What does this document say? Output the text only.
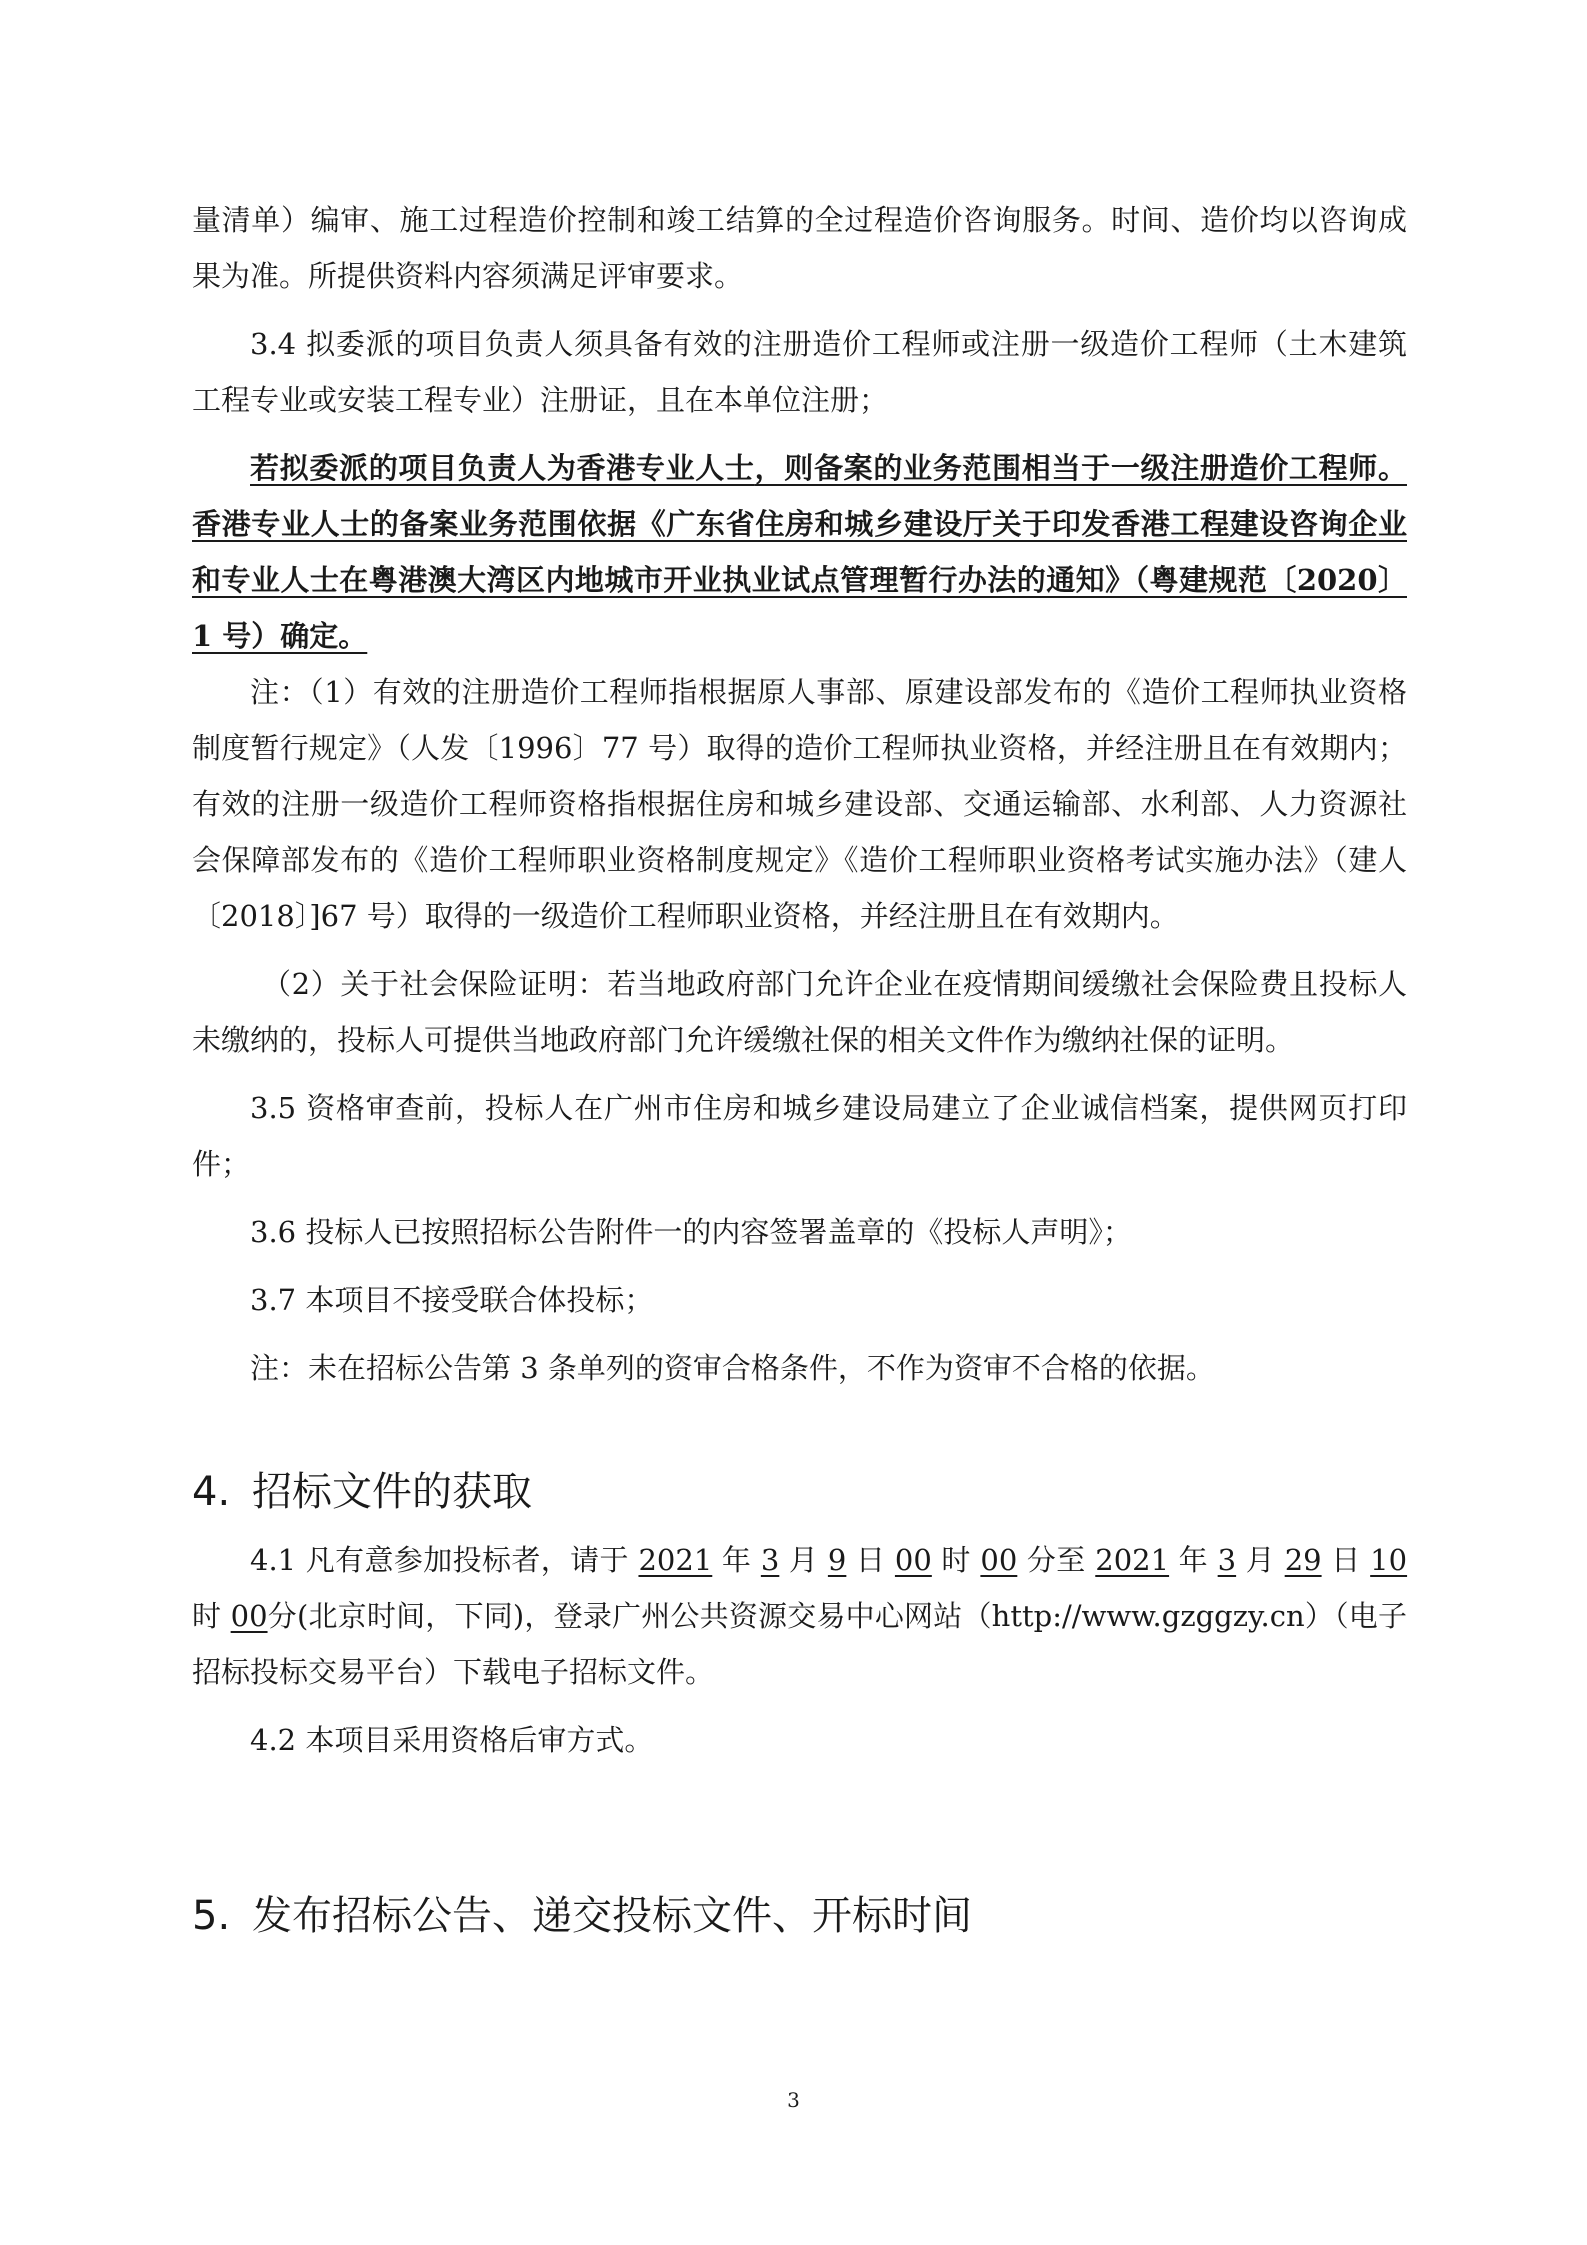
量清单）编审、施工过程造价控制和竣工结算的全过程造价咨询服务。时间、造价均以咨询成果为准。所提供资料内容须满足评审要求。

3.4 拟委派的项目负责人须具备有效的注册造价工程师或注册一级造价工程师（土木建筑工程专业或安装工程专业）注册证，且在本单位注册；

若拟委派的项目负责人为香港专业人士，则备案的业务范围相当于一级注册造价工程师。香港专业人士的备案业务范围依据《广东省住房和城乡建设厅关于印发香港工程建设咨询企业和专业人士在粤港澳大湾区内地城市开业执业试点管理暂行办法的通知》（粤建规范〔2020〕1 号）确定。

注：（1）有效的注册造价工程师指根据原人事部、原建设部发布的《造价工程师执业资格制度暂行规定》（人发〔1996〕77 号）取得的造价工程师执业资格，并经注册且在有效期内；有效的注册一级造价工程师资格指根据住房和城乡建设部、交通运输部、水利部、人力资源社会保障部发布的《造价工程师职业资格制度规定》《造价工程师职业资格考试实施办法》（建人〔2018〕]67 号）取得的一级造价工程师职业资格，并经注册且在有效期内。

（2）关于社会保险证明：若当地政府部门允许企业在疫情期间缓缴社会保险费且投标人未缴纳的，投标人可提供当地政府部门允许缓缴社保的相关文件作为缴纳社保的证明。

3.5 资格审查前，投标人在广州市住房和城乡建设局建立了企业诚信档案，提供网页打印件；

3.6 投标人已按照招标公告附件一的内容签署盖章的《投标人声明》；

3.7 本项目不接受联合体投标；

注：未在招标公告第 3 条单列的资审合格条件，不作为资审不合格的依据。

4. 招标文件的获取

4.1 凡有意参加投标者，请于 2021 年 3 月 9 日 00 时 00 分至 2021 年 3 月 29 日 10时 00分(北京时间，下同)，登录广州公共资源交易中心网站（http://www.gzggzy.cn）（电子招标投标交易平台）下载电子招标文件。

4.2 本项目采用资格后审方式。

5. 发布招标公告、递交投标文件、开标时间
3
